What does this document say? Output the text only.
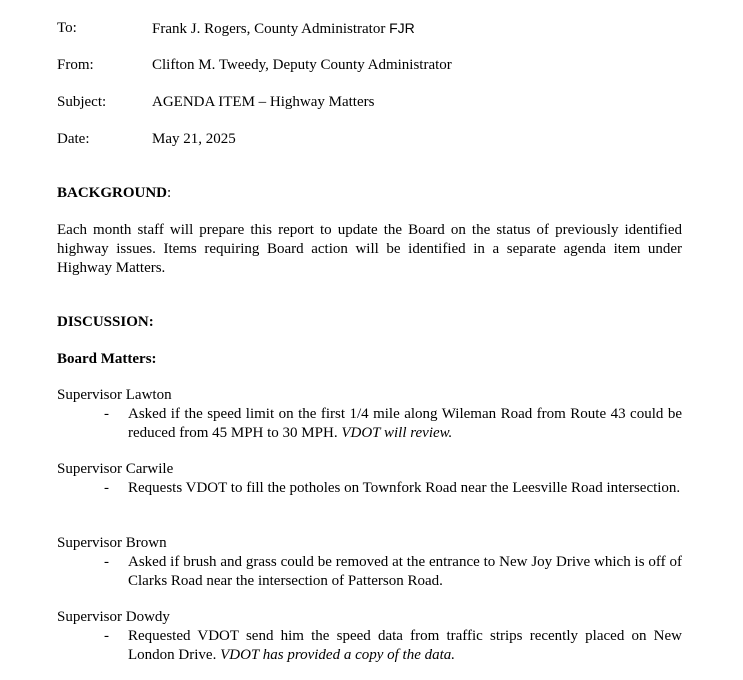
To:	Frank J. Rogers, County Administrator FJR
From:	Clifton M. Tweedy, Deputy County Administrator
Subject:	AGENDA ITEM – Highway Matters
Date:	May 21, 2025
BACKGROUND:
Each month staff will prepare this report to update the Board on the status of previously identified highway issues. Items requiring Board action will be identified in a separate agenda item under Highway Matters.
DISCUSSION:
Board Matters:
Supervisor Lawton
- Asked if the speed limit on the first 1/4 mile along Wileman Road from Route 43 could be reduced from 45 MPH to 30 MPH. VDOT will review.
Supervisor Carwile
- Requests VDOT to fill the potholes on Townfork Road near the Leesville Road intersection.
Supervisor Brown
- Asked if brush and grass could be removed at the entrance to New Joy Drive which is off of Clarks Road near the intersection of Patterson Road.
Supervisor Dowdy
- Requested VDOT send him the speed data from traffic strips recently placed on New London Drive. VDOT has provided a copy of the data.
